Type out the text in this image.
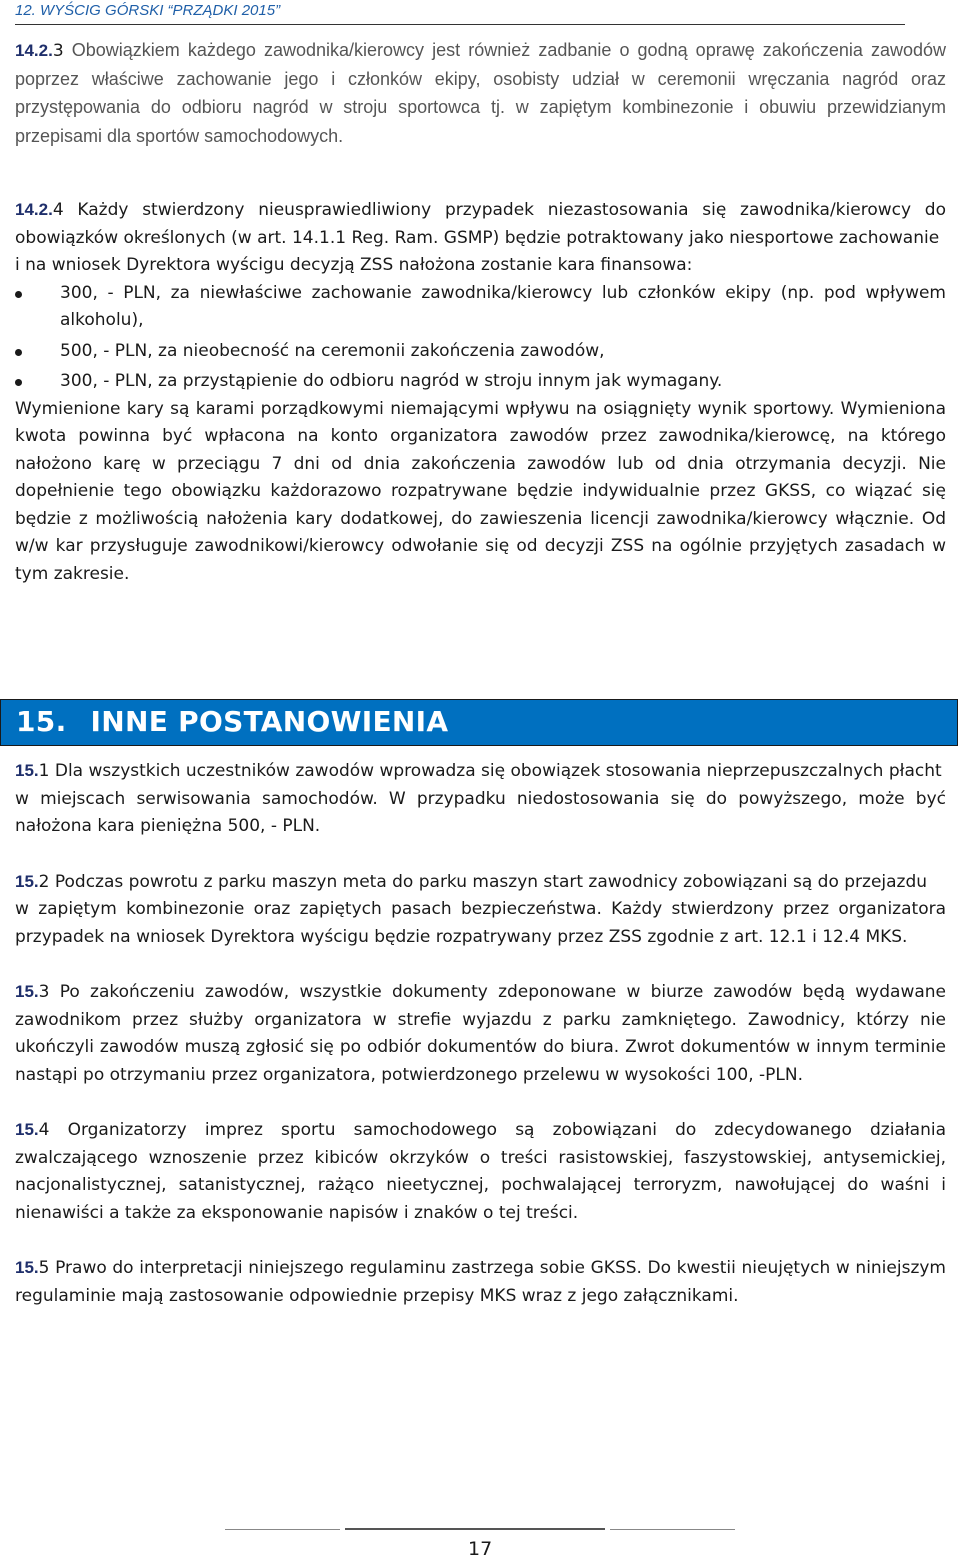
12. WYŚCIG GÓRSKI “PRZĄDKI 2015”

14.2.3 Obowiązkiem każdego zawodnika/kierowcy jest również zadbanie o godną oprawę zakończenia zawodów poprzez właściwe zachowanie jego i członków ekipy, osobisty udział w ceremonii wręczania nagród oraz przystępowania do odbioru nagród w stroju sportowca tj. w zapiętym kombinezonie i obuwiu przewidzianym przepisami dla sportów samochodowych.

14.2.4 Każdy stwierdzony nieusprawiedliwiony przypadek niezastosowania się zawodnika/kierowcy do obowiązków określonych (w art. 14.1.1 Reg. Ram. GSMP) będzie potraktowany jako niesportowe zachowanie

i na wniosek Dyrektora wyścigu decyzją ZSS nałożona zostanie kara finansowa:

300, - PLN, za niewłaściwe zachowanie zawodnika/kierowcy lub członków ekipy (np. pod wpływem alkoholu),
500, - PLN, za nieobecność na ceremonii zakończenia zawodów,
300, - PLN, za przystąpienie do odbioru nagród w stroju innym jak wymagany.

Wymienione kary są karami porządkowymi niemającymi wpływu na osiągnięty wynik sportowy. Wymieniona kwota powinna być wpłacona na konto organizatora zawodów przez zawodnika/kierowcę, na którego nałożono karę w przeciągu 7 dni od dnia zakończenia zawodów lub od dnia otrzymania decyzji. Nie dopełnienie tego obowiązku każdorazowo rozpatrywane będzie indywidualnie przez GKSS, co wiązać się będzie z możliwością nałożenia kary dodatkowej, do zawieszenia licencji zawodnika/kierowcy włącznie. Od w/w kar przysługuje zawodnikowi/kierowcy odwołanie się od decyzji ZSS na ogólnie przyjętych zasadach w tym zakresie.

15. INNE POSTANOWIENIA

15.1 Dla wszystkich uczestników zawodów wprowadza się obowiązek stosowania nieprzepuszczalnych płacht

w miejscach serwisowania samochodów. W przypadku niedostosowania się do powyższego, może być nałożona kara pieniężna 500, - PLN.

15.2 Podczas powrotu z parku maszyn meta do parku maszyn start zawodnicy zobowiązani są do przejazdu

w zapiętym kombinezonie oraz zapiętych pasach bezpieczeństwa. Każdy stwierdzony przez organizatora przypadek na wniosek Dyrektora wyścigu będzie rozpatrywany przez ZSS zgodnie z art. 12.1 i 12.4 MKS.

15.3 Po zakończeniu zawodów, wszystkie dokumenty zdeponowane w biurze zawodów będą wydawane zawodnikom przez służby organizatora w strefie wyjazdu z parku zamkniętego. Zawodnicy, którzy nie ukończyli zawodów muszą zgłosić się po odbiór dokumentów do biura. Zwrot dokumentów w innym terminie nastąpi po otrzymaniu przez organizatora, potwierdzonego przelewu w wysokości 100, -PLN.

15.4 Organizatorzy imprez sportu samochodowego są zobowiązani do zdecydowanego działania zwalczającego wznoszenie przez kibiców okrzyków o treści rasistowskiej, faszystowskiej, antysemickiej, nacjonalistycznej, satanistycznej, rażąco nieetycznej, pochwalającej terroryzm, nawołującej do waśni i nienawiści a także za eksponowanie napisów i znaków o tej treści.

15.5 Prawo do interpretacji niniejszego regulaminu zastrzega sobie GKSS. Do kwestii nieujętych w niniejszym regulaminie mają zastosowanie odpowiednie przepisy MKS wraz z jego załącznikami.

17
